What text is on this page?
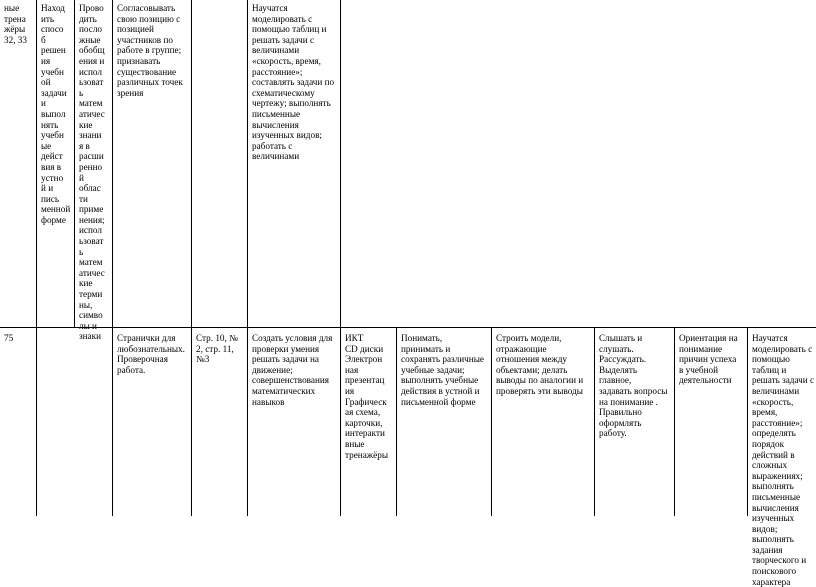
ные
трена
жёры
32, 33
Наход
ить
спосо
б
решен
ия
учебн
ой
задачи
и
выпол
нять
учебн
ые
дейст
вия в
устно
й и
пись
менной
форме
Прово
дить
посло
жные
обобщ
ения и
испол
ьзоват
ь
матем
атичес
кие
знани
я в
расши
ренно
й
облас
ти
приме
нения;
испол
ьзоват
ь
матем
атичес
кие
терми
ны,
симво
лы и
знаки
Согласовывать
свою позицию с
позицией
участников по
работе в группе;
признавать
существование
различных точек
зрения
Научатся
моделировать с
помощью таблиц и
решать задачи с
величинами
«скорость, время,
расстояние»;
составлять задачи по
схематическому
чертежу; выполнять
письменные
вычисления
изученных видов;
работать с
величинами
75	Странички для
любознательных.
Проверочная
работа.
Стр. 10, №
2, стр. 11,
№3
Создать условия для
проверки умения
решать задачи на
движение;
совершенствования
математических
навыков
ИКТ
CD диски
Электрон
ная
презентац
ия
Графическ
ая схема,
карточки,
интеракти
вные
тренажёры
Понимать,
принимать и
сохранять различные
учебные задачи;
выполнять учебные
действия в устной и
письменной форме
Строить модели,
отражающие
отношения между
объектами; делать
выводы по аналогии и
проверять эти выводы
Слышать и
слушать.
Рассуждать.
Выделять
главное,
задавать вопросы
на понимание .
Правильно
оформлять
работу.
Ориентация на
понимание
причин успеха
в учебной
деятельности
Научатся
моделировать с
помощью таблиц и
решать задачи с
величинами
«скорость, время,
расстояние»;
определять порядок
действий в сложных
выражениях;
выполнять
письменные
вычисления
изученных видов;
выполнять задания
творческого и
поискового
характера
